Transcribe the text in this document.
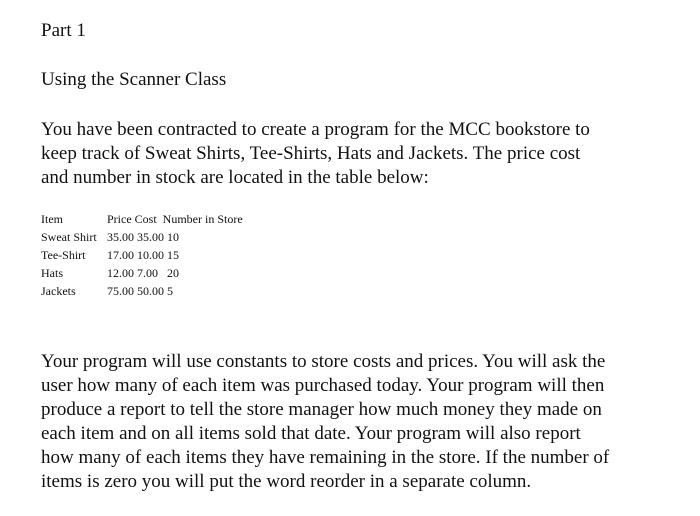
Part 1
Using the Scanner Class

You have been contracted to create a program for the MCC bookstore to
keep track of Sweat Shirts, Tee-Shirts, Hats and Jackets. The price cost
and number in stock are located in the table below:

Item	Price Cost  Number in Store
Sweat Shirt	35.00 35.00 10
Tee-Shirt	17.00 10.00 15
Hats	12.00 7.00   20
Jackets	75.00 50.00 5

Your program will use constants to store costs and prices. You will ask the
user how many of each item was purchased today. Your program will then
produce a report to tell the store manager how much money they made on
each item and on all items sold that date. Your program will also report
how many of each items they have remaining in the store. If the number of
items is zero you will put the word reorder in a separate column.
